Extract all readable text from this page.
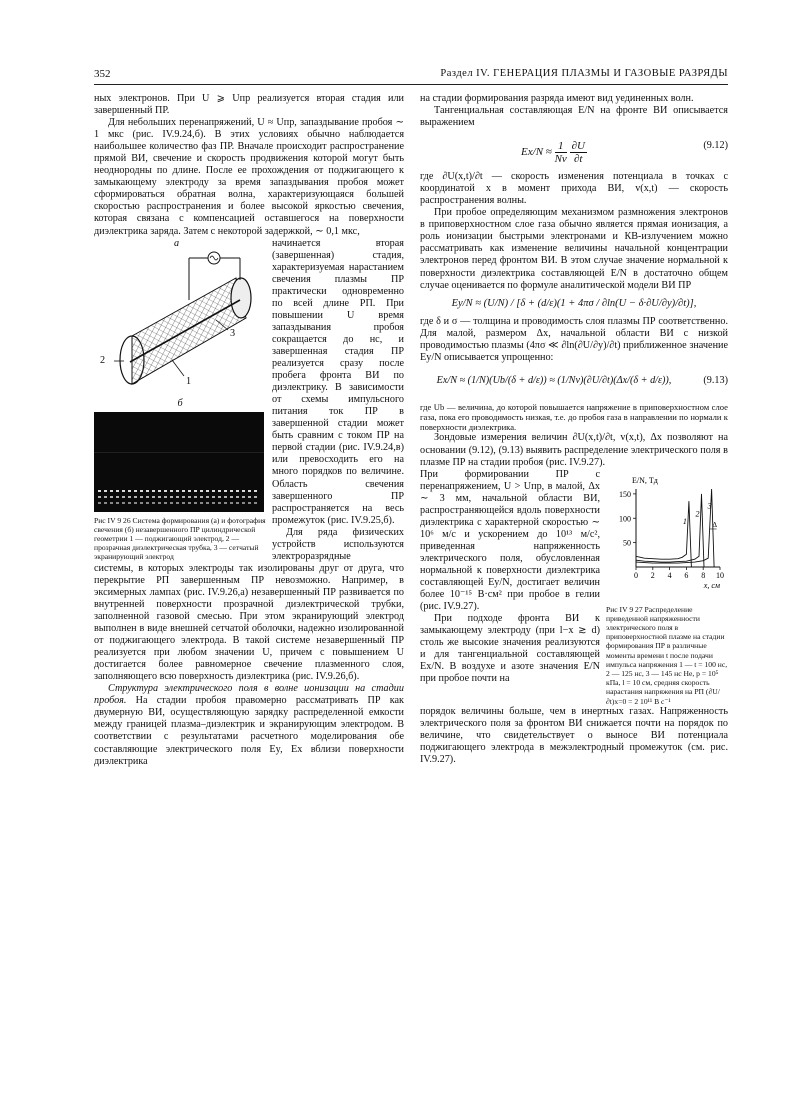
352	Раздел IV. ГЕНЕРАЦИЯ ПЛАЗМЫ И ГАЗОВЫЕ РАЗРЯДЫ

ных электронов. При U ⩾ Uпр реализуется вторая стадия или завершенный ПР.

Для небольших перенапряжений, U ≈ Uпр, запаздывание пробоя ∼ 1 мкс (рис. IV.9.24,б). В этих условиях обычно наблюдается наибольшее количество фаз ПР. Вначале происходит распространение прямой ВИ, свечение и скорость продвижения которой могут быть неоднородны по длине. После ее прохождения от поджигающего к замыкающему электроду за время запаздывания пробоя может сформироваться обратная волна, характеризующаяся большей скоростью распространения и более высокой яркостью свечения, которая связана с компенсацией оставшегося на поверхности диэлектрика заряда. Затем с некоторой задержкой, ∼ 0,1 мкс,

а
2
3
1
б
Рис IV 9 26 Система формирования (а) и фотография свечения (б) незавершенного ПР цилиндрической геометрии 1 — поджигающий электрод, 2 — прозрачная диэлектрическая трубка, 3 — сетчатый экранирующий электрод

начинается вторая (завершенная) стадия, характеризуемая нарастанием свечения плазмы ПР практически одновременно по всей длине РП. При повышении U время запаздывания пробоя сокращается до нс, и завершенная стадия ПР реализуется сразу после пробега фронта ВИ по диэлектрику. В зависимости от схемы импульсного питания ток ПР в завершенной стадии может быть сравним с током ПР на первой стадии (рис. IV.9.24,в) или превосходить его на много порядков по величине. Область свечения завершенного ПР распространяется на весь промежуток (рис. IV.9.25,б).

Для ряда физических устройств используются электроразрядные

системы, в которых электроды так изолированы друг от друга, что перекрытие РП завершенным ПР невозможно. Например, в эксимерных лампах (рис. IV.9.26,а) незавершенный ПР развивается по внутренней поверхности прозрачной диэлектрической трубки, заполненной газовой смесью. При этом экранирующий электрод выполнен в виде внешней сетчатой оболочки, надежно изолированной от поджигающего электрода. В такой системе незавершенный ПР реализуется при любом значении U, причем с повышением U достигается более равномерное свечение плазменного слоя, заполняющего всю поверхность диэлектрика (рис. IV.9.26,б).

Структура электрического поля в волне ионизации на стадии пробоя. На стадии пробоя правомерно рассматривать ПР как двумерную ВИ, осуществляющую зарядку распределенной емкости между границей плазма–диэлектрик и экранирующим электродом. В соответствии с результатами расчетного моделирования обе составляющие электрического поля Ey, Ex вблизи поверхности диэлектрика

на стадии формирования разряда имеют вид уединенных волн.

Тангенциальная составляющая E/N на фронте ВИ описывается выражением

$Ex/N \approx \frac{1}{Nv}$
$\frac{\partial U}{\partial t}$	(9.12)

где ∂U(x,t)/∂t — скорость изменения потенциала в точках с координатой x в момент прихода ВИ, v(x,t) — скорость распространения волны.

При пробое определяющим механизмом размножения электронов в приповерхностном слое газа обычно является прямая ионизация, а роль ионизации быстрыми электронами и КВ-излучением можно рассматривать как изменение величины начальной концентрации электронов перед фронтом ВИ. В этом случае значение нормальной к поверхности диэлектрика составляющей E/N в достаточно общем случае оценивается по формуле аналитической модели ВИ ПР

Ey/N ≈ (U/N) / [δ + (d/ε)(1 + 4πσ / ∂ln(U − δ·∂U/∂y)/∂t)],

где δ и σ — толщина и проводимость слоя плазмы ПР соответственно. Для малой, размером Δx, начальной области ВИ с низкой проводимостью плазмы (4πσ ≪ ∂ln(∂U/∂y)/∂t) приближенное значение Ey/N описывается упрощенно:

Ex/N ≈ (1/N)(Ub/(δ + d/ε)) ≈ (1/Nv)(∂U/∂t)(Δx/(δ + d/ε)),	(9.13)

где Ub — величина, до которой повышается напряжение в приповерхностном слое газа, пока его проводимость низкая, т.е. до пробоя газа в направлении по нормали к поверхности диэлектрика.

Зондовые измерения величин ∂U(x,t)/∂t, v(x,t), Δx позволяют на основании (9.12), (9.13) выявить распределение электрического поля в плазме ПР на стадии пробоя (рис. IV.9.27).

E/N, Тд
50
100
150
0 2 4 6 8 10
x, см
1
2
3
Δ
Рис IV 9 27 Распределение приведенной напряженности электрического поля в приповерхностной плазме на стадии формирования ПР в различные моменты времени t после подачи импульса напряжения 1 — t = 100 нс, 2 — 125 нс, 3 — 145 нс Не, p = 10⁵ кПа, l = 10 см, средняя скорость нарастания напряжения на РП (∂U/∂t)x=0 = 2 10¹¹ В с⁻¹

При формировании ПР с перенапряжением, U > Uпр, в малой, Δx ∼ 3 мм, начальной области ВИ, распространяющейся вдоль поверхности диэлектрика с характерной скоростью ∼ 10⁶ м/с и ускорением до 10¹³ м/с², приведенная напряженность электрического поля, обусловленная нормальной к поверхности диэлектрика составляющей Ey/N, достигает величин более 10⁻¹⁵ В·см² при пробое в гелии (рис. IV.9.27).

При подходе фронта ВИ к замыкающему электроду (при l−x ≳ d) столь же высокие значения реализуются и для тангенциальной составляющей Ex/N. В воздухе и азоте значения E/N при пробое почти на

порядок величины больше, чем в инертных газах. Напряженность электрического поля за фронтом ВИ снижается почти на порядок по величине, что свидетельствует о выносе ВИ потенциала поджигающего электрода в межэлектродный промежуток (см. рис. IV.9.27).
